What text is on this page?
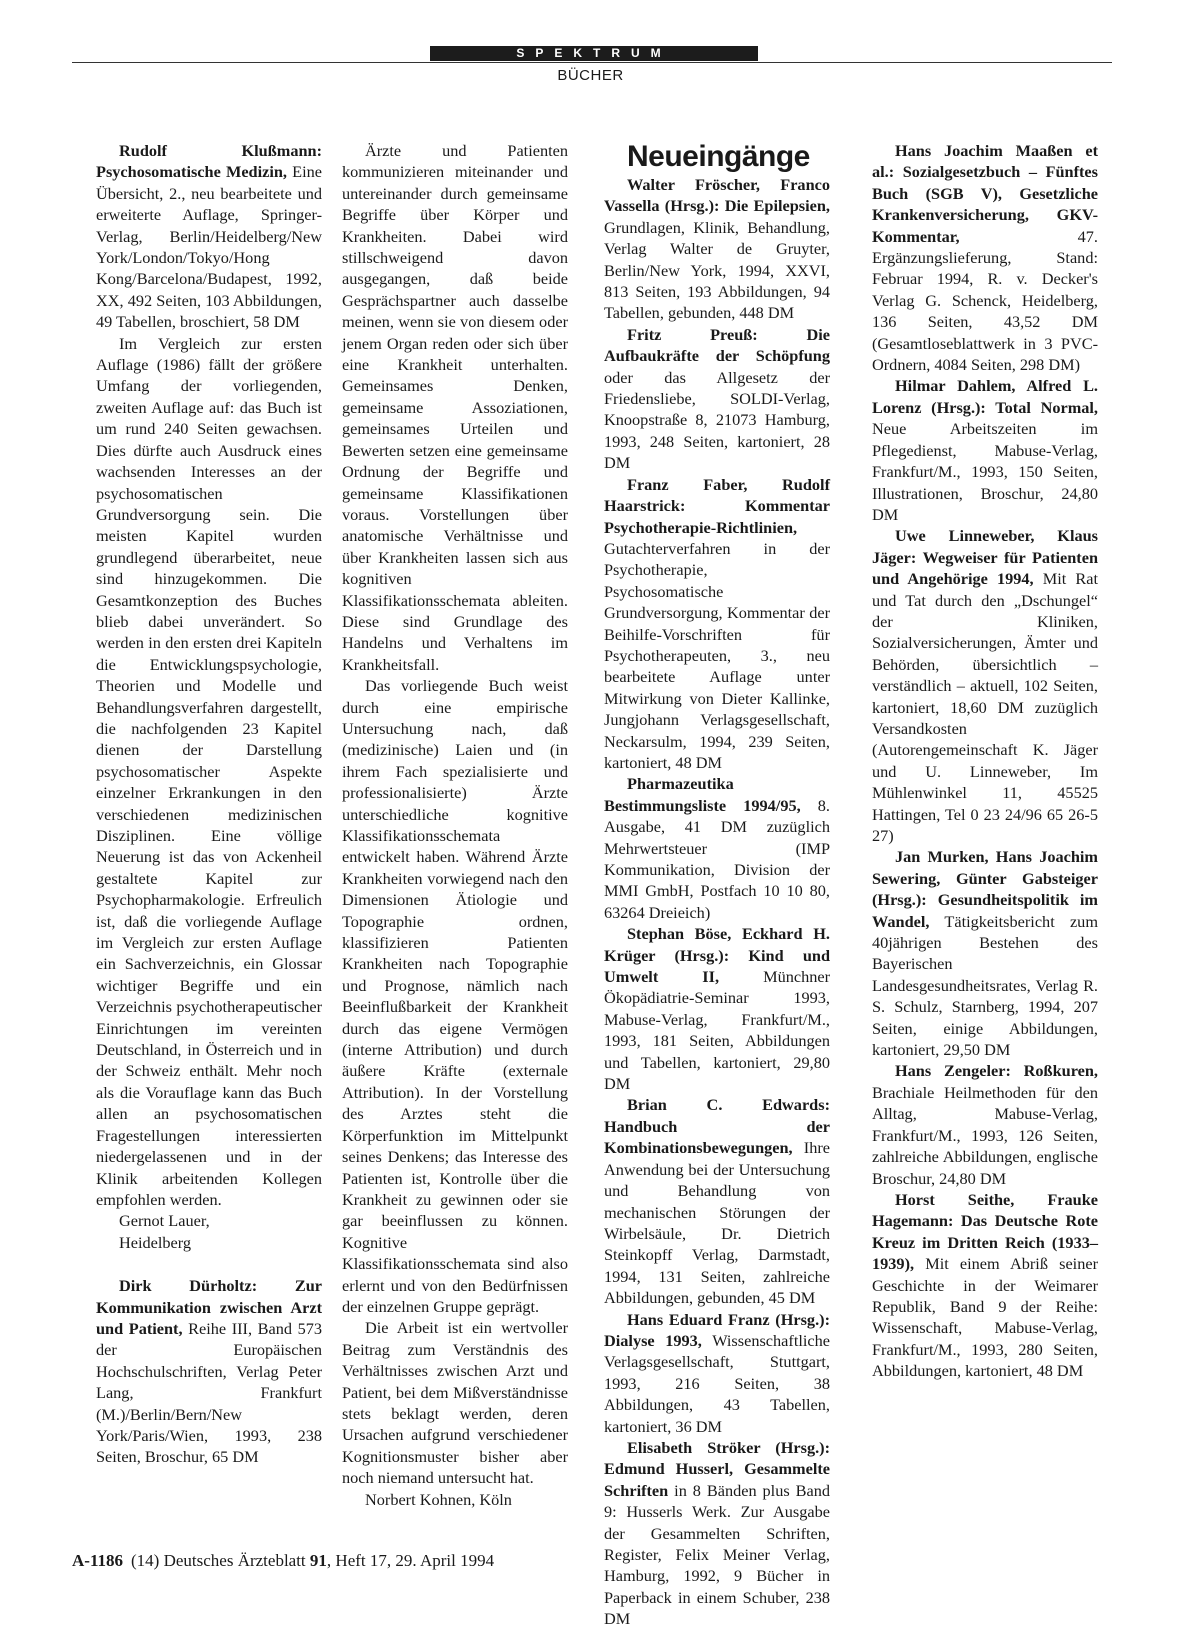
SPEKTRUM
BÜCHER

Rudolf Klußmann: Psychosomatische Medizin, Eine Übersicht, 2., neu bearbeitete und erweiterte Auflage, Springer-Verlag, Berlin/Heidelberg/New York/London/Tokyo/Hong Kong/Barcelona/Budapest, 1992, XX, 492 Seiten, 103 Abbildungen, 49 Tabellen, broschiert, 58 DM

Im Vergleich zur ersten Auflage (1986) fällt der größere Umfang der vorliegenden, zweiten Auflage auf: das Buch ist um rund 240 Seiten gewachsen. Dies dürfte auch Ausdruck eines wachsenden Interesses an der psychosomatischen Grundversorgung sein. Die meisten Kapitel wurden grundlegend überarbeitet, neue sind hinzugekommen. Die Gesamtkonzeption des Buches blieb dabei unverändert. So werden in den ersten drei Kapiteln die Entwicklungspsychologie, Theorien und Modelle und Behandlungsverfahren dargestellt, die nachfolgenden 23 Kapitel dienen der Darstellung psychosomatischer Aspekte einzelner Erkrankungen in den verschiedenen medizinischen Disziplinen. Eine völlige Neuerung ist das von Ackenheil gestaltete Kapitel zur Psychopharmakologie. Erfreulich ist, daß die vorliegende Auflage im Vergleich zur ersten Auflage ein Sachverzeichnis, ein Glossar wichtiger Begriffe und ein Verzeichnis psychotherapeutischer Einrichtungen im vereinten Deutschland, in Österreich und in der Schweiz enthält. Mehr noch als die Vorauflage kann das Buch allen an psychosomatischen Fragestellungen interessierten niedergelassenen und in der Klinik arbeitenden Kollegen empfohlen werden.

Gernot Lauer,

Heidelberg

Dirk Dürholtz: Zur Kommunikation zwischen Arzt und Patient, Reihe III, Band 573 der Europäischen Hochschulschriften, Verlag Peter Lang, Frankfurt (M.)/Berlin/Bern/New York/Paris/Wien, 1993, 238 Seiten, Broschur, 65 DM

Ärzte und Patienten kommunizieren miteinander und untereinander durch gemeinsame Begriffe über Körper und Krankheiten. Dabei wird stillschweigend davon ausgegangen, daß beide Gesprächspartner auch dasselbe meinen, wenn sie von diesem oder jenem Organ reden oder sich über eine Krankheit unterhalten. Gemeinsames Denken, gemeinsame Assoziationen, gemeinsames Urteilen und Bewerten setzen eine gemeinsame Ordnung der Begriffe und gemeinsame Klassifikationen voraus. Vorstellungen über anatomische Verhältnisse und über Krankheiten lassen sich aus kognitiven Klassifikationsschemata ableiten. Diese sind Grundlage des Handelns und Verhaltens im Krankheitsfall.

Das vorliegende Buch weist durch eine empirische Untersuchung nach, daß (medizinische) Laien und (in ihrem Fach spezialisierte und professionalisierte) Ärzte unterschiedliche kognitive Klassifikationsschemata entwickelt haben. Während Ärzte Krankheiten vorwiegend nach den Dimensionen Ätiologie und Topographie ordnen, klassifizieren Patienten Krankheiten nach Topographie und Prognose, nämlich nach Beeinflußbarkeit der Krankheit durch das eigene Vermögen (interne Attribution) und durch äußere Kräfte (externale Attribution). In der Vorstellung des Arztes steht die Körperfunktion im Mittelpunkt seines Denkens; das Interesse des Patienten ist, Kontrolle über die Krankheit zu gewinnen oder sie gar beeinflussen zu können. Kognitive Klassifikationsschemata sind also erlernt und von den Bedürfnissen der einzelnen Gruppe geprägt.

Die Arbeit ist ein wertvoller Beitrag zum Verständnis des Verhältnisses zwischen Arzt und Patient, bei dem Mißverständnisse stets beklagt werden, deren Ursachen aufgrund verschiedener Kognitionsmuster bisher aber noch niemand untersucht hat.

Norbert Kohnen, Köln

Neueingänge

Walter Fröscher, Franco Vassella (Hrsg.): Die Epilepsien, Grundlagen, Klinik, Behandlung, Verlag Walter de Gruyter, Berlin/New York, 1994, XXVI, 813 Seiten, 193 Abbildungen, 94 Tabellen, gebunden, 448 DM

Fritz Preuß: Die Aufbaukräfte der Schöpfung oder das Allgesetz der Friedensliebe, SOLDI-Verlag, Knoopstraße 8, 21073 Hamburg, 1993, 248 Seiten, kartoniert, 28 DM

Franz Faber, Rudolf Haarstrick: Kommentar Psychotherapie-Richtlinien, Gutachterverfahren in der Psychotherapie, Psychosomatische Grundversorgung, Kommentar der Beihilfe-Vorschriften für Psychotherapeuten, 3., neu bearbeitete Auflage unter Mitwirkung von Dieter Kallinke, Jungjohann Verlagsgesellschaft, Neckarsulm, 1994, 239 Seiten, kartoniert, 48 DM

Pharmazeutika Bestimmungsliste 1994/95, 8. Ausgabe, 41 DM zuzüglich Mehrwertsteuer (IMP Kommunikation, Division der MMI GmbH, Postfach 10 10 80, 63264 Dreieich)

Stephan Böse, Eckhard H. Krüger (Hrsg.): Kind und Umwelt II, Münchner Ökopädiatrie-Seminar 1993, Mabuse-Verlag, Frankfurt/M., 1993, 181 Seiten, Abbildungen und Tabellen, kartoniert, 29,80 DM

Brian C. Edwards: Handbuch der Kombinationsbewegungen, Ihre Anwendung bei der Untersuchung und Behandlung von mechanischen Störungen der Wirbelsäule, Dr. Dietrich Steinkopff Verlag, Darmstadt, 1994, 131 Seiten, zahlreiche Abbildungen, gebunden, 45 DM

Hans Eduard Franz (Hrsg.): Dialyse 1993, Wissenschaftliche Verlagsgesellschaft, Stuttgart, 1993, 216 Seiten, 38 Abbildungen, 43 Tabellen, kartoniert, 36 DM

Elisabeth Ströker (Hrsg.): Edmund Husserl, Gesammelte Schriften in 8 Bänden plus Band 9: Husserls Werk. Zur Ausgabe der Gesammelten Schriften, Register, Felix Meiner Verlag, Hamburg, 1992, 9 Bücher in Paperback in einem Schuber, 238 DM

Hans Joachim Maaßen et al.: Sozialgesetzbuch – Fünftes Buch (SGB V), Gesetzliche Krankenversicherung, GKV-Kommentar, 47. Ergänzungslieferung, Stand: Februar 1994, R. v. Decker's Verlag G. Schenck, Heidelberg, 136 Seiten, 43,52 DM (Gesamtloseblattwerk in 3 PVC-Ordnern, 4084 Seiten, 298 DM)

Hilmar Dahlem, Alfred L. Lorenz (Hrsg.): Total Normal, Neue Arbeitszeiten im Pflegedienst, Mabuse-Verlag, Frankfurt/M., 1993, 150 Seiten, Illustrationen, Broschur, 24,80 DM

Uwe Linneweber, Klaus Jäger: Wegweiser für Patienten und Angehörige 1994, Mit Rat und Tat durch den „Dschungel“ der Kliniken, Sozialversicherungen, Ämter und Behörden, übersichtlich – verständlich – aktuell, 102 Seiten, kartoniert, 18,60 DM zuzüglich Versandkosten (Autorengemeinschaft K. Jäger und U. Linneweber, Im Mühlenwinkel 11, 45525 Hattingen, Tel 0 23 24/96 65 26-5 27)

Jan Murken, Hans Joachim Sewering, Günter Gabsteiger (Hrsg.): Gesundheitspolitik im Wandel, Tätigkeitsbericht zum 40jährigen Bestehen des Bayerischen Landesgesundheitsrates, Verlag R. S. Schulz, Starnberg, 1994, 207 Seiten, einige Abbildungen, kartoniert, 29,50 DM

Hans Zengeler: Roßkuren, Brachiale Heilmethoden für den Alltag, Mabuse-Verlag, Frankfurt/M., 1993, 126 Seiten, zahlreiche Abbildungen, englische Broschur, 24,80 DM

Horst Seithe, Frauke Hagemann: Das Deutsche Rote Kreuz im Dritten Reich (1933–1939), Mit einem Abriß seiner Geschichte in der Weimarer Republik, Band 9 der Reihe: Wissenschaft, Mabuse-Verlag, Frankfurt/M., 1993, 280 Seiten, Abbildungen, kartoniert, 48 DM

A-1186 (14) Deutsches Ärzteblatt 91, Heft 17, 29. April 1994
